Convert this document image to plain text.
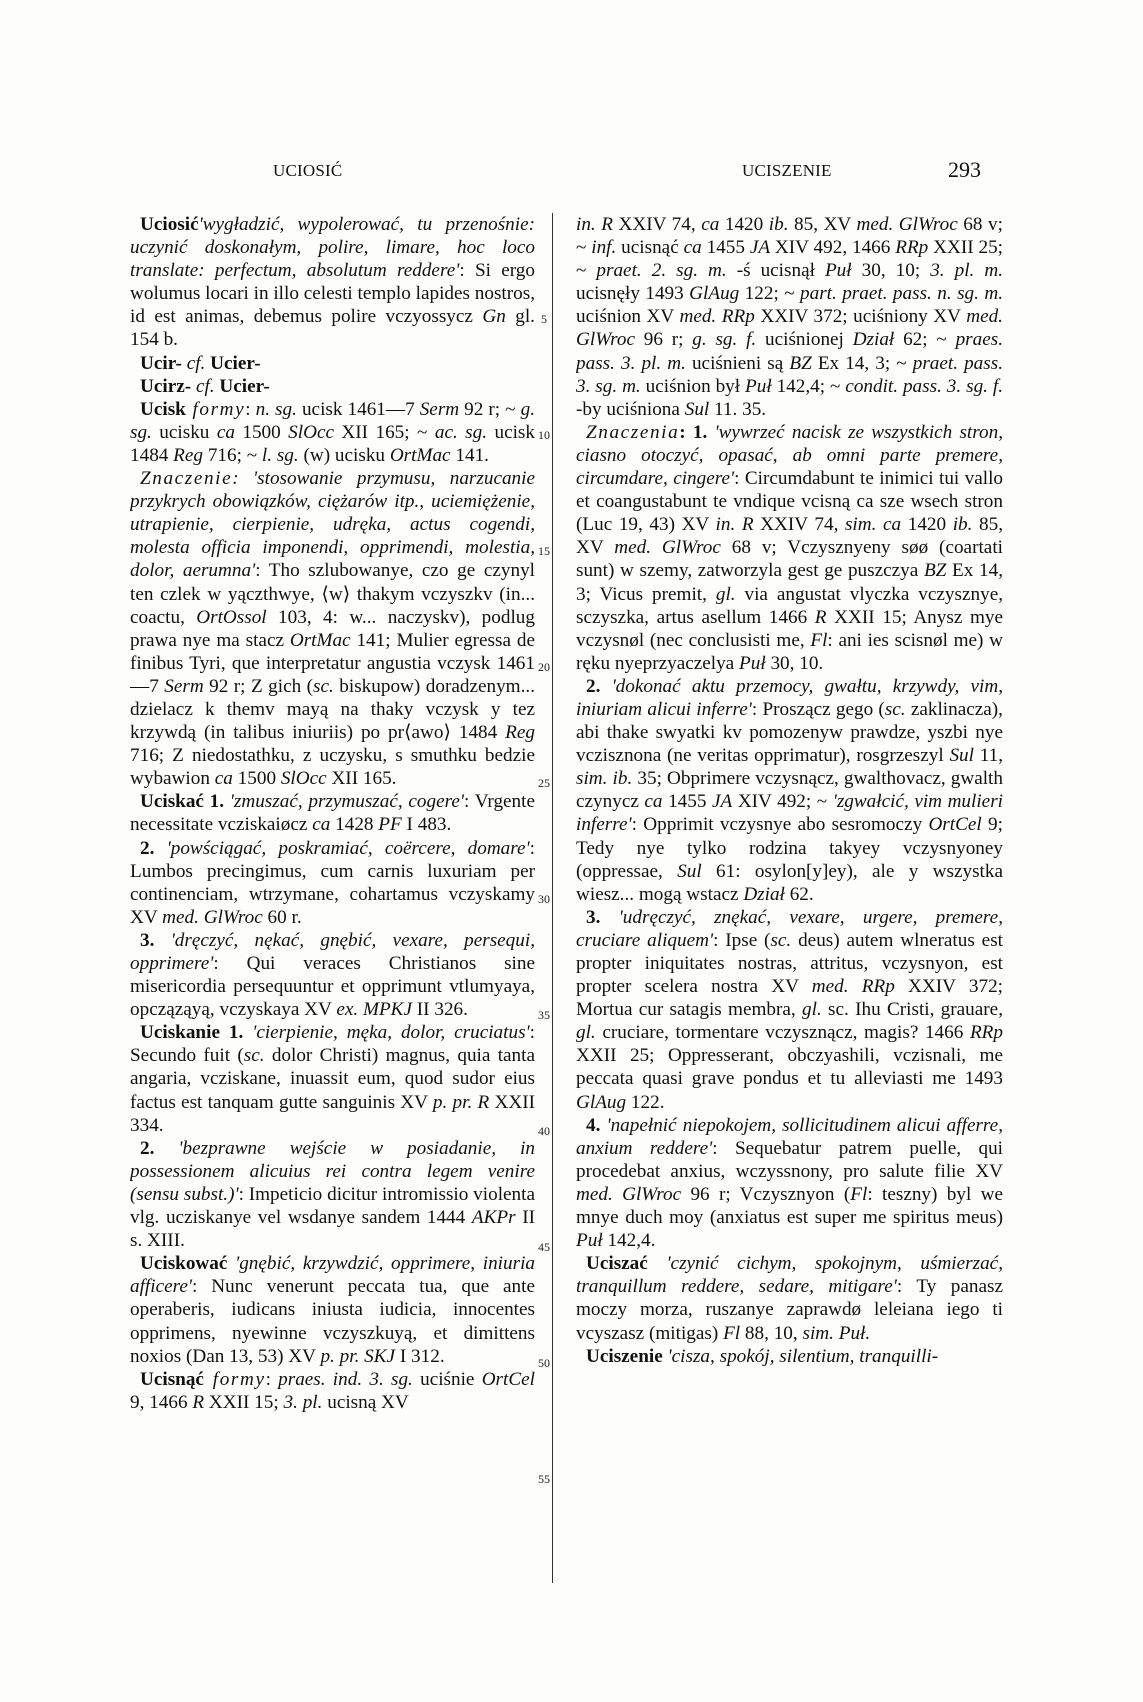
UCIOSIĆ	UCISZENIE	293

Uciosić'wygładzić, wypolerować, tu przenośnie: uczynić doskonałym, polire, limare, hoc loco translate: perfectum, absolutum reddere': Si ergo wolumus locari in illo celesti templo lapides nostros, id est animas, debemus polire vczyossycz Gn gl. 154 b.

Ucir- cf. Ucier-

Ucirz- cf. Ucier-

Ucisk formy: n. sg. ucisk 1461—7 Serm 92 r; ~ g. sg. ucisku ca 1500 SlOcc XII 165; ~ ac. sg. ucisk 1484 Reg 716; ~ l. sg. (w) ucisku OrtMac 141.

Znaczenie: 'stosowanie przymusu, narzucanie przykrych obowiązków, ciężarów itp., uciemiężenie, utrapienie, cierpienie, udręka, actus cogendi, molesta officia imponendi, opprimendi, molestia, dolor, aerumna': Tho szlubowanye, czo ge czynyl ten czlek w yączthwye, ⟨w⟩ thakym vczyszkv (in... coactu, OrtOssol 103, 4: w... naczyskv), podlug prawa nye ma stacz OrtMac 141; Mulier egressa de finibus Tyri, que interpretatur angustia vczysk 1461—7 Serm 92 r; Z gich (sc. biskupow) doradzenym... dzielacz k themv mayą na thaky vczysk y tez krzywdą (in talibus iniuriis) po pr⟨awo⟩ 1484 Reg 716; Z niedostathku, z uczysku, s smuthku bedzie wybawion ca 1500 SlOcc XII 165.

Uciskać 1. 'zmuszać, przymuszać, cogere': Vrgente necessitate vcziskaiøcz ca 1428 PF I 483.

2. 'powściągać, poskramiać, coërcere, domare': Lumbos precingimus, cum carnis luxuriam per continenciam, wtrzymane, cohartamus vczyskamy XV med. GlWroc 60 r.

3. 'dręczyć, nękać, gnębić, vexare, persequi, opprimere': Qui veraces Christianos sine misericordia persequuntur et opprimunt vtlumyaya, opcząząyą, vczyskaya XV ex. MPKJ II 326.

Uciskanie 1. 'cierpienie, męka, dolor, cruciatus': Secundo fuit (sc. dolor Christi) magnus, quia tanta angaria, vcziskane, inuassit eum, quod sudor eius factus est tanquam gutte sanguinis XV p. pr. R XXII 334.

2. 'bezprawne wejście w posiadanie, in possessionem alicuius rei contra legem venire (sensu subst.)': Impeticio dicitur intromissio violenta vlg. ucziskanye vel wsdanye sandem 1444 AKPr II s. XIII.

Uciskować 'gnębić, krzywdzić, opprimere, iniuria afficere': Nunc venerunt peccata tua, que ante operaberis, iudicans iniusta iudicia, innocentes opprimens, nyewinne vczyszkuyą, et dimittens noxios (Dan 13, 53) XV p. pr. SKJ I 312.

Ucisnąć formy: praes. ind. 3. sg. uciśnie OrtCel 9, 1466 R XXII 15; 3. pl. ucisną XV

5
10
15
20
25
30
35
40
45
50
55

in. R XXIV 74, ca 1420 ib. 85, XV med. GlWroc 68 v; ~ inf. ucisnąć ca 1455 JA XIV 492, 1466 RRp XXII 25; ~ praet. 2. sg. m. -ś ucisnął Puł 30, 10; 3. pl. m. ucisnęły 1493 GlAug 122; ~ part. praet. pass. n. sg. m. uciśnion XV med. RRp XXIV 372; uciśniony XV med. GlWroc 96 r; g. sg. f. uciśnionej Dział 62; ~ praes. pass. 3. pl. m. uciśnieni są BZ Ex 14, 3; ~ praet. pass. 3. sg. m. uciśnion był Puł 142,4; ~ condit. pass. 3. sg. f. -by uciśniona Sul 11. 35.

Znaczenia: 1. 'wywrzeć nacisk ze wszystkich stron, ciasno otoczyć, opasać, ab omni parte premere, circumdare, cingere': Circumdabunt te inimici tui vallo et coangustabunt te vndique vcisną ca sze wsech stron (Luc 19, 43) XV in. R XXIV 74, sim. ca 1420 ib. 85, XV med. GlWroc 68 v; Vczysznyeny søø (coartati sunt) w szemy, zatworzyla gest ge puszczya BZ Ex 14, 3; Vicus premit, gl. via angustat vlyczka vczysznye, sczyszka, artus asellum 1466 R XXII 15; Anysz mye vczysnøl (nec conclusisti me, Fl: ani ies scisnøl me) w ręku nyeprzyaczelya Puł 30, 10.

2. 'dokonać aktu przemocy, gwałtu, krzywdy, vim, iniuriam alicui inferre': Proszącz gego (sc. zaklinacza), abi thake swyatki kv pomozenyw prawdze, yszbi nye vczisznona (ne veritas opprimatur), rosgrzeszyl Sul 11, sim. ib. 35; Obprimere vczysnącz, gwalthovacz, gwalth czynycz ca 1455 JA XIV 492; ~ 'zgwałcić, vim mulieri inferre': Opprimit vczysnye abo sesromoczy OrtCel 9; Tedy nye tylko rodzina takyey vczysnyoney (oppressae, Sul 61: osylon[y]ey), ale y wszystka wiesz... mogą wstacz Dział 62.

3. 'udręczyć, znękać, vexare, urgere, premere, cruciare aliquem': Ipse (sc. deus) autem wlneratus est propter iniquitates nostras, attritus, vczysnyon, est propter scelera nostra XV med. RRp XXIV 372; Mortua cur satagis membra, gl. sc. Ihu Cristi, grauare, gl. cruciare, tormentare vczysznącz, magis? 1466 RRp XXII 25; Oppresserant, obczyashili, vczisnali, me peccata quasi grave pondus et tu alleviasti me 1493 GlAug 122.

4. 'napełnić niepokojem, sollicitudinem alicui afferre, anxium reddere': Sequebatur patrem puelle, qui procedebat anxius, wczyssnony, pro salute filie XV med. GlWroc 96 r; Vczysznyon (Fl: teszny) byl we mnye duch moy (anxiatus est super me spiritus meus) Puł 142,4.

Uciszać 'czynić cichym, spokojnym, uśmierzać, tranquillum reddere, sedare, mitigare': Ty panasz moczy morza, ruszanye zaprawdø leleiana iego ti vcyszasz (mitigas) Fl 88, 10, sim. Puł.

Uciszenie 'cisza, spokój, silentium, tranquilli-
